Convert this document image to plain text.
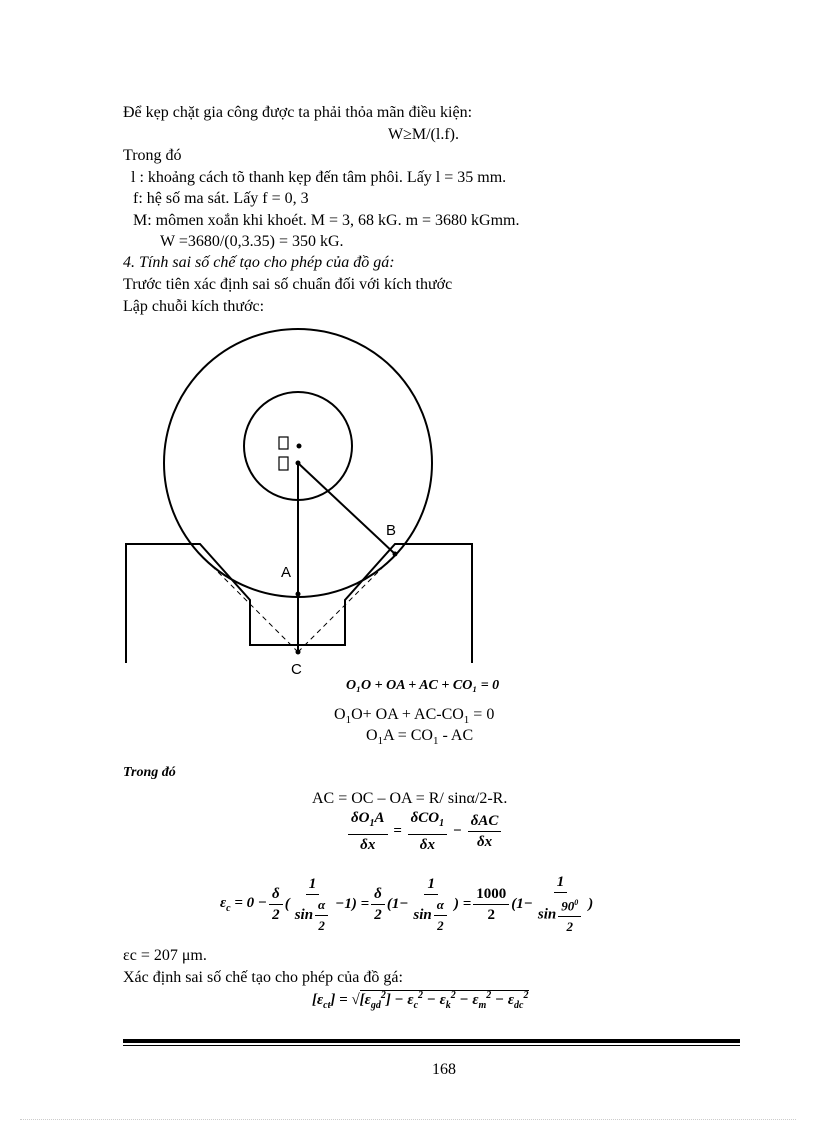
Để kẹp chặt gia công được ta phải thỏa mãn điều kiện:
W≥M/(l.f).
Trong đó
l : khoảng cách tõ thanh kẹp đến tâm phôi. Lấy l = 35 mm.
f: hệ số ma sát. Lấy f = 0, 3
M: mômen xoắn khi khoét. M = 3, 68 kG. m = 3680 kGmm.
W =3680/(0,3.35) = 350 kG.
4. Tính sai số chế tạo cho phép của đồ gá:
Trước tiên xác định sai số chuẩn đối với kích thước
Lập chuỗi kích thước:
A
B
C
O₁O + OA + AC + CO₁ = 0
$O_1O+$ OA + $AC-CO_1 = 0$
$O_1A = CO_1$ - AC
Trong đó
AC = OC – OA = R/ sinα/2-R.
$\frac{\delta O_1A}{\delta x} = \frac{\delta CO_1}{\delta x} - \frac{\text{δAC}}{\delta x}$
$\varepsilon_c = 0 - \frac{\delta}{2}$ ( $\frac{1}{\sin \frac{\alpha}{2}} -1) = \frac{\delta}{2} (1- \frac{1}{\sin \frac{\alpha}{2}}$ ) = $\frac{1000}{2} (1- \frac{1}{\sin \frac{90^0}{2}}$ )
εc = 207 μm.
Xác định sai số chế tạo cho phép của đồ gá:
$[\varepsilon_{ct}] = √[\varepsilon_{gd}^2] - \varepsilon_c^2 - \varepsilon_k^2 - \varepsilon_m^2 - \varepsilon_{dc}^2$
168
